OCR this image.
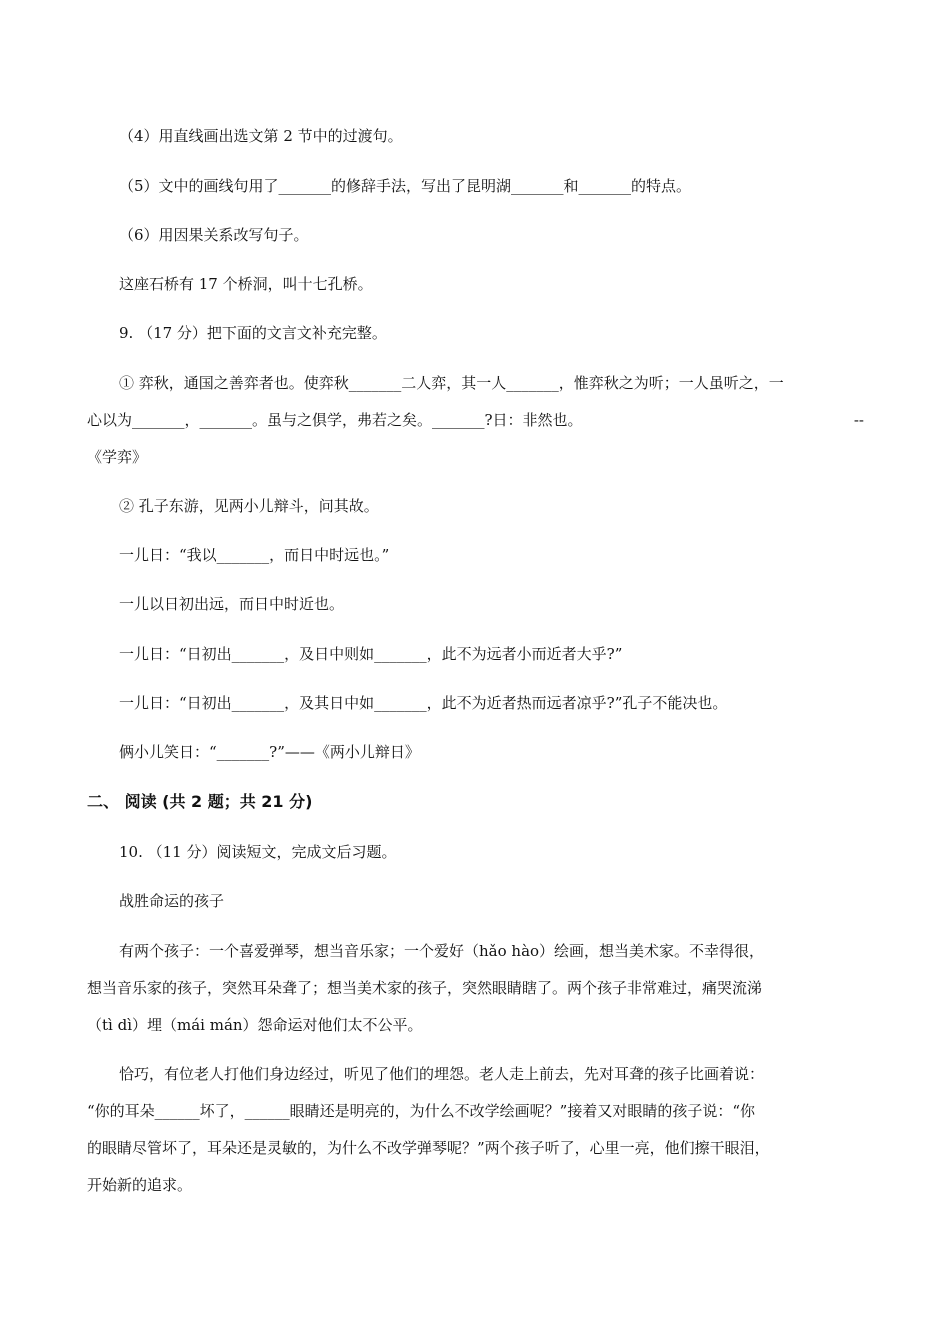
（4）用直线画出选文第 2 节中的过渡句。
（5）文中的画线句用了_______的修辞手法，写出了昆明湖_______和_______的特点。
（6）用因果关系改写句子。
这座石桥有 17 个桥洞，叫十七孔桥。
9. （17 分）把下面的文言文补充完整。
① 弈秋，通国之善弈者也。使弈秋_______二人弈，其一人_______，惟弈秋之为听；一人虽听之，一
心以为_______，_______。虽与之俱学，弗若之矣。_______?日：非然也。	--
《学弈》
② 孔子东游，见两小儿辩斗，问其故。
一儿日：“我以_______，而日中时远也。”
一儿以日初出远，而日中时近也。
一儿日：“日初出_______，及日中则如_______，此不为远者小而近者大乎?”
一儿日：“日初出_______，及其日中如_______，此不为近者热而远者凉乎?”孔子不能决也。
俩小儿笑日：“_______?”——《两小儿辩日》
二、 阅读 (共 2 题；共 21 分)
10. （11 分）阅读短文，完成文后习题。
战胜命运的孩子
有两个孩子：一个喜爱弹琴，想当音乐家；一个爱好（hǎo hào）绘画，想当美术家。不幸得很，
想当音乐家的孩子，突然耳朵聋了；想当美术家的孩子，突然眼睛瞎了。两个孩子非常难过，痛哭流涕
（tì dì）埋（mái mán）怨命运对他们太不公平。
恰巧，有位老人打他们身边经过，听见了他们的埋怨。老人走上前去，先对耳聋的孩子比画着说：
“你的耳朵______坏了，______眼睛还是明亮的，为什么不改学绘画呢？”接着又对眼睛的孩子说：“你
的眼睛尽管坏了，耳朵还是灵敏的，为什么不改学弹琴呢？”两个孩子听了，心里一亮，他们擦干眼泪，
开始新的追求。
